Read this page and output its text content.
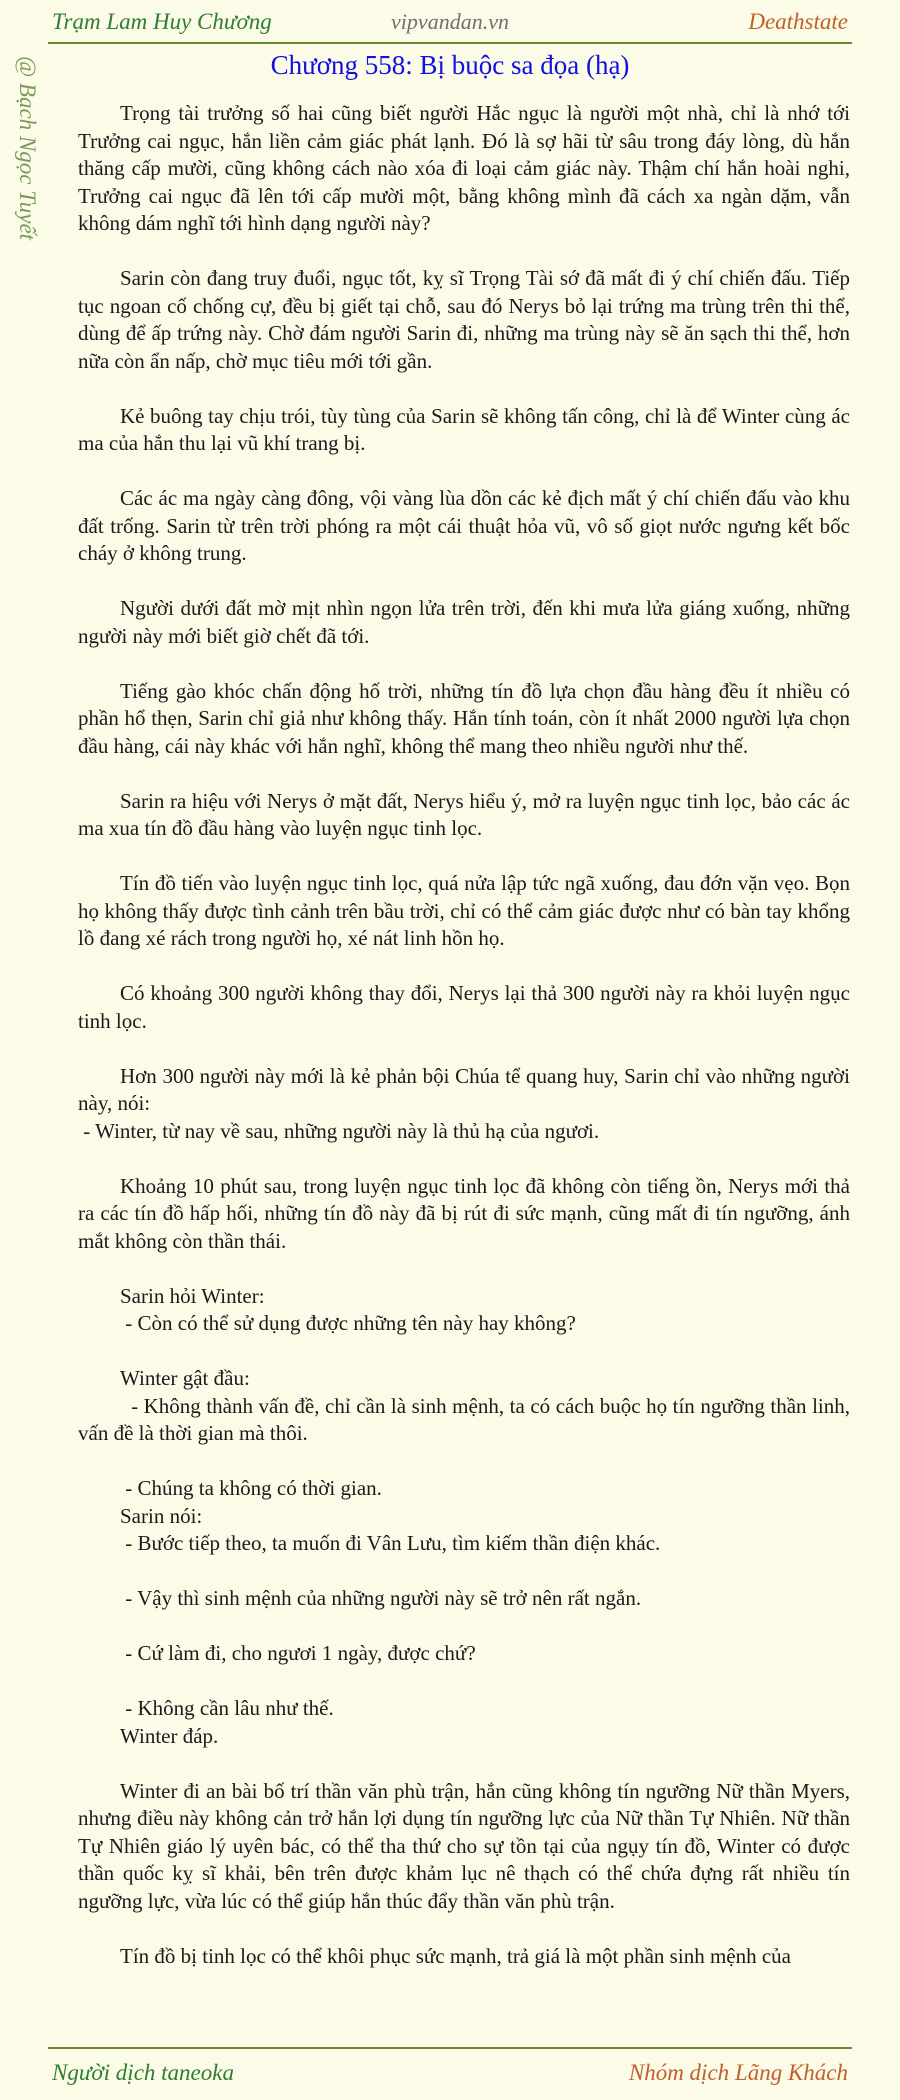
Trạm Lam Huy Chương	vipvandan.vn	Deathstate
@ Bạch Ngọc Tuyết	Chương 558: Bị buộc sa đọa (hạ)

Trọng tài trưởng số hai cũng biết người Hắc ngục là người một nhà, chỉ là nhớ tới Trưởng cai ngục, hắn liền cảm giác phát lạnh. Đó là sợ hãi từ sâu trong đáy lòng, dù hắn thăng cấp mười, cũng không cách nào xóa đi loại cảm giác này. Thậm chí hắn hoài nghi, Trưởng cai ngục đã lên tới cấp mười một, bằng không mình đã cách xa ngàn dặm, vẫn không dám nghĩ tới hình dạng người này?

Sarin còn đang truy đuổi, ngục tốt, kỵ sĩ Trọng Tài sớ đã mất đi ý chí chiến đấu. Tiếp tục ngoan cố chống cự, đều bị giết tại chỗ, sau đó Nerys bỏ lại trứng ma trùng trên thi thể, dùng để ấp trứng này. Chờ đám người Sarin đi, những ma trùng này sẽ ăn sạch thi thể, hơn nữa còn ẩn nấp, chờ mục tiêu mới tới gần.

Kẻ buông tay chịu trói, tùy tùng của Sarin sẽ không tấn công, chỉ là để Winter cùng ác ma của hắn thu lại vũ khí trang bị.

Các ác ma ngày càng đông, vội vàng lùa dồn các kẻ địch mất ý chí chiến đấu vào khu đất trống. Sarin từ trên trời phóng ra một cái thuật hỏa vũ, vô số giọt nước ngưng kết bốc cháy ở không trung.

Người dưới đất mờ mịt nhìn ngọn lửa trên trời, đến khi mưa lửa giáng xuống, những người này mới biết giờ chết đã tới.

Tiếng gào khóc chấn động hố trời, những tín đồ lựa chọn đầu hàng đều ít nhiều có phần hổ thẹn, Sarin chỉ giả như không thấy. Hắn tính toán, còn ít nhất 2000 người lựa chọn đầu hàng, cái này khác với hắn nghĩ, không thể mang theo nhiều người như thế.

Sarin ra hiệu với Nerys ở mặt đất, Nerys hiểu ý, mở ra luyện ngục tinh lọc, bảo các ác ma xua tín đồ đầu hàng vào luyện ngục tinh lọc.

Tín đồ tiến vào luyện ngục tinh lọc, quá nửa lập tức ngã xuống, đau đớn vặn vẹo. Bọn họ không thấy được tình cảnh trên bầu trời, chỉ có thể cảm giác được như có bàn tay khổng lồ đang xé rách trong người họ, xé nát linh hồn họ.

Có khoảng 300 người không thay đổi, Nerys lại thả 300 người này ra khỏi luyện ngục tinh lọc.

Hơn 300 người này mới là kẻ phản bội Chúa tể quang huy, Sarin chỉ vào những người này, nói:

- Winter, từ nay về sau, những người này là thủ hạ của ngươi.

Khoảng 10 phút sau, trong luyện ngục tinh lọc đã không còn tiếng ồn, Nerys mới thả ra các tín đồ hấp hối, những tín đồ này đã bị rút đi sức mạnh, cũng mất đi tín ngưỡng, ánh mắt không còn thần thái.

Sarin hỏi Winter:

- Còn có thể sử dụng được những tên này hay không?

Winter gật đầu:

- Không thành vấn đề, chỉ cần là sinh mệnh, ta có cách buộc họ tín ngưỡng thần linh, vấn đề là thời gian mà thôi.

- Chúng ta không có thời gian.

Sarin nói:

- Bước tiếp theo, ta muốn đi Vân Lưu, tìm kiếm thần điện khác.

- Vậy thì sinh mệnh của những người này sẽ trở nên rất ngắn.

- Cứ làm đi, cho ngươi 1 ngày, được chứ?

- Không cần lâu như thế.

Winter đáp.

Winter đi an bài bố trí thần văn phù trận, hắn cũng không tín ngưỡng Nữ thần Myers, nhưng điều này không cản trở hắn lợi dụng tín ngưỡng lực của Nữ thần Tự Nhiên. Nữ thần Tự Nhiên giáo lý uyên bác, có thể tha thứ cho sự tồn tại của ngụy tín đồ, Winter có được thần quốc kỵ sĩ khải, bên trên được khảm lục nê thạch có thể chứa đựng rất nhiều tín ngưỡng lực, vừa lúc có thể giúp hắn thúc đẩy thần văn phù trận.

Tín đồ bị tinh lọc có thể khôi phục sức mạnh, trả giá là một phần sinh mệnh của

Người dịch taneoka	Nhóm dịch Lãng Khách
